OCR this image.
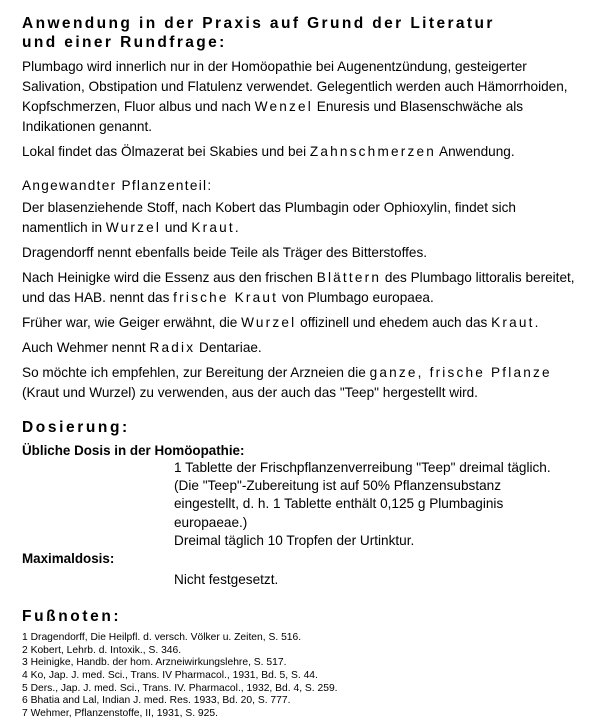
Anwendung in der Praxis auf Grund der Literatur
und einer Rundfrage:

Plumbago wird innerlich nur in der Homöopathie bei Augenentzündung, gesteigerter Salivation, Obstipation und Flatulenz verwendet. Gelegentlich werden auch Hämorrhoiden, Kopfschmerzen, Fluor albus und nach Wenzel Enuresis und Blasenschwäche als Indikationen genannt.

Lokal findet das Ölmazerat bei Skabies und bei Zahnschmerzen Anwendung.

Angewandter Pflanzenteil:

Der blasenziehende Stoff, nach Kobert das Plumbagin oder Ophioxylin, findet sich namentlich in Wurzel und Kraut.

Dragendorff nennt ebenfalls beide Teile als Träger des Bitterstoffes.

Nach Heinigke wird die Essenz aus den frischen Blättern des Plumbago littoralis bereitet, und das HAB. nennt das frische Kraut von Plumbago europaea.

Früher war, wie Geiger erwähnt, die Wurzel offizinell und ehedem auch das Kraut.

Auch Wehmer nennt Radix Dentariae.

So möchte ich empfehlen, zur Bereitung der Arzneien die ganze, frische Pflanze (Kraut und Wurzel) zu verwenden, aus der auch das "Teep" hergestellt wird.

Dosierung:

Übliche Dosis in der Homöopathie:

1 Tablette der Frischpflanzenverreibung "Teep" dreimal täglich.
(Die "Teep"-Zubereitung ist auf 50% Pflanzensubstanz
eingestellt, d. h. 1 Tablette enthält 0,125 g Plumbaginis
europaeae.)
Dreimal täglich 10 Tropfen der Urtinktur.

Maximaldosis:

Nicht festgesetzt.
Fußnoten:
1 Dragendorff, Die Heilpfl. d. versch. Völker u. Zeiten, S. 516.
2 Kobert, Lehrb. d. Intoxik., S. 346.
3 Heinigke, Handb. der hom. Arzneiwirkungslehre, S. 517.
4 Ko, Jap. J. med. Sci., Trans. IV Pharmacol., 1931, Bd. 5, S. 44.
5 Ders., Jap. J. med. Sci., Trans. IV. Pharmacol., 1932, Bd. 4, S. 259.
6 Bhatia and Lal, Indian J. med. Res. 1933, Bd. 20, S. 777.
7 Wehmer, Pflanzenstoffe, II, 1931, S. 925.
